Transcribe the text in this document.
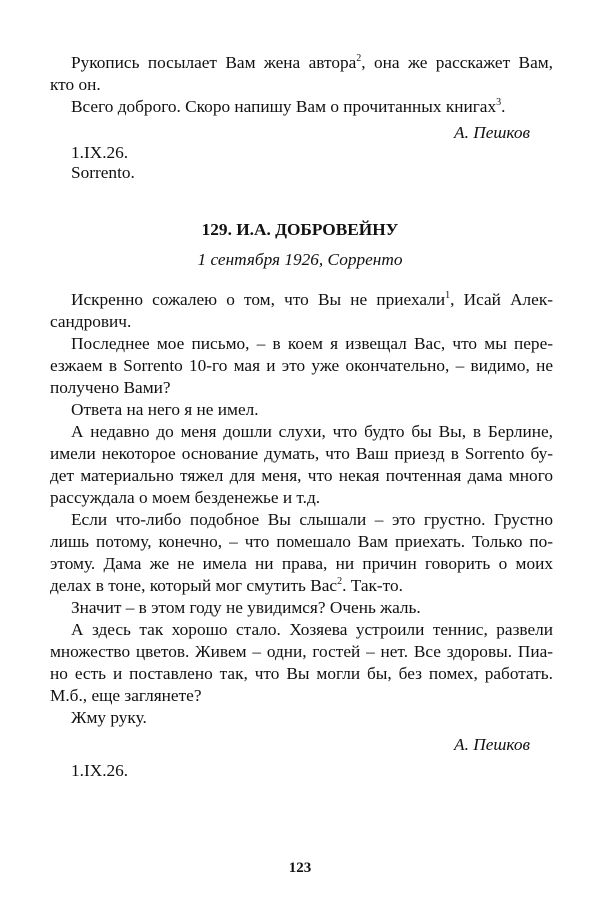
Рукопись посылает Вам жена автора$^2$, она же расскажет Вам,
кто он.
Всего доброго. Скоро напишу Вам о прочитанных книгах$^3$.
А. Пешков
1.IX.26.
Sorrento.
129. И.А. ДОБРОВЕЙНУ
1 сентября 1926, Сорренто
Искренно сожалею о том, что Вы не приехали$^1$, Исай Алек-
сандрович.
Последнее мое письмо, – в коем я извещал Вас, что мы пере-
езжаем в Sorrento 10-го мая и это уже окончательно, – видимо, не
получено Вами?
Ответа на него я не имел.
А недавно до меня дошли слухи, что будто бы Вы, в Берлине,
имели некоторое основание думать, что Ваш приезд в Sorrento бу-
дет материально тяжел для меня, что некая почтенная дама много
рассуждала о моем безденежье и т.д.
Если что-либо подобное Вы слышали – это грустно. Грустно
лишь потому, конечно, – что помешало Вам приехать. Только по-
этому. Дама же не имела ни права, ни причин говорить о моих
делах в тоне, который мог смутить Вас$^2$. Так-то.
Значит – в этом году не увидимся? Очень жаль.
А здесь так хорошо стало. Хозяева устроили теннис, развели
множество цветов. Живем – одни, гостей – нет. Все здоровы. Пиа-
но есть и поставлено так, что Вы могли бы, без помех, работать.
М.б., еще заглянете?
Жму руку.
А. Пешков
1.IX.26.
123
